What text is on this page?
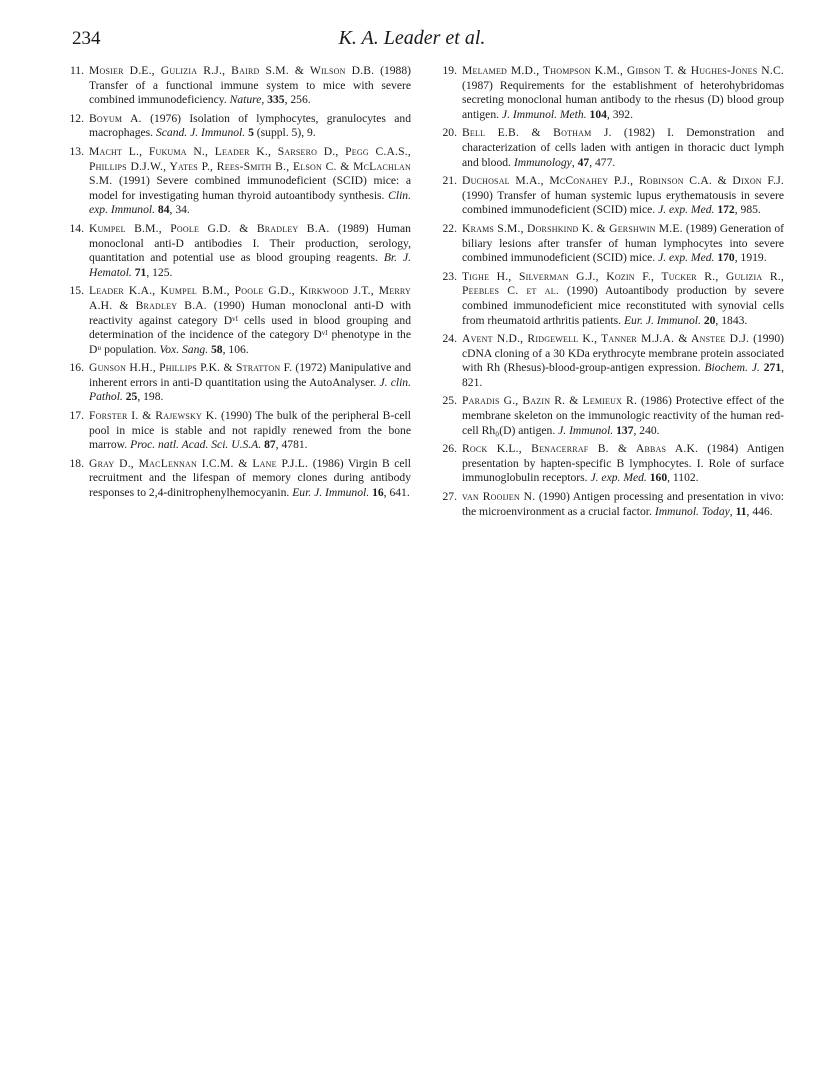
234	K. A. Leader et al.
11. Mosier D.E., Gulizia R.J., Baird S.M. & Wilson D.B. (1988) Transfer of a functional immune system to mice with severe combined immunodeficiency. Nature, 335, 256.
12. Boyum A. (1976) Isolation of lymphocytes, granulocytes and macrophages. Scand. J. Immunol. 5 (suppl. 5), 9.
13. Macht L., Fukuma N., Leader K., Sarsero D., Pegg C.A.S., Phillips D.J.W., Yates P., Rees-Smith B., Elson C. & McLachlan S.M. (1991) Severe combined immunodeficient (SCID) mice: a model for investigating human thyroid autoantibody synthesis. Clin. exp. Immunol. 84, 34.
14. Kumpel B.M., Poole G.D. & Bradley B.A. (1989) Human monoclonal anti-D antibodies I. Their production, serology, quantitation and potential use as blood grouping reagents. Br. J. Hematol. 71, 125.
15. Leader K.A., Kumpel B.M., Poole G.D., Kirkwood J.T., Merry A.H. & Bradley B.A. (1990) Human monoclonal anti-D with reactivity against category Dᵛᴵ cells used in blood grouping and determination of the incidence of the category Dᵛᴵ phenotype in the Dᵘ population. Vox. Sang. 58, 106.
16. Gunson H.H., Phillips P.K. & Stratton F. (1972) Manipulative and inherent errors in anti-D quantitation using the AutoAnalyser. J. clin. Pathol. 25, 198.
17. Forster I. & Rajewsky K. (1990) The bulk of the peripheral B-cell pool in mice is stable and not rapidly renewed from the bone marrow. Proc. natl. Acad. Sci. U.S.A. 87, 4781.
18. Gray D., MacLennan I.C.M. & Lane P.J.L. (1986) Virgin B cell recruitment and the lifespan of memory clones during antibody responses to 2,4-dinitrophenylhemocyanin. Eur. J. Immunol. 16, 641.
19. Melamed M.D., Thompson K.M., Gibson T. & Hughes-Jones N.C. (1987) Requirements for the establishment of heterohybridomas secreting monoclonal human antibody to the rhesus (D) blood group antigen. J. Immunol. Meth. 104, 392.
20. Bell E.B. & Botham J. (1982) I. Demonstration and characterization of cells laden with antigen in thoracic duct lymph and blood. Immunology, 47, 477.
21. Duchosal M.A., McConahey P.J., Robinson C.A. & Dixon F.J. (1990) Transfer of human systemic lupus erythematousis in severe combined immunodeficient (SCID) mice. J. exp. Med. 172, 985.
22. Krams S.M., Dorshkind K. & Gershwin M.E. (1989) Generation of biliary lesions after transfer of human lymphocytes into severe combined immunodeficient (SCID) mice. J. exp. Med. 170, 1919.
23. Tighe H., Silverman G.J., Kozin F., Tucker R., Gulizia R., Peebles C. et al. (1990) Autoantibody production by severe combined immunodeficient mice reconstituted with synovial cells from rheumatoid arthritis patients. Eur. J. Immunol. 20, 1843.
24. Avent N.D., Ridgewell K., Tanner M.J.A. & Anstee D.J. (1990) cDNA cloning of a 30 KDa erythrocyte membrane protein associated with Rh (Rhesus)-blood-group-antigen expression. Biochem. J. 271, 821.
25. Paradis G., Bazin R. & Lemieux R. (1986) Protective effect of the membrane skeleton on the immunologic reactivity of the human red-cell Rh₀(D) antigen. J. Immunol. 137, 240.
26. Rock K.L., Benacerraf B. & Abbas A.K. (1984) Antigen presentation by hapten-specific B lymphocytes. I. Role of surface immunoglobulin receptors. J. exp. Med. 160, 1102.
27. van Rooijen N. (1990) Antigen processing and presentation in vivo: the microenvironment as a crucial factor. Immunol. Today, 11, 446.
